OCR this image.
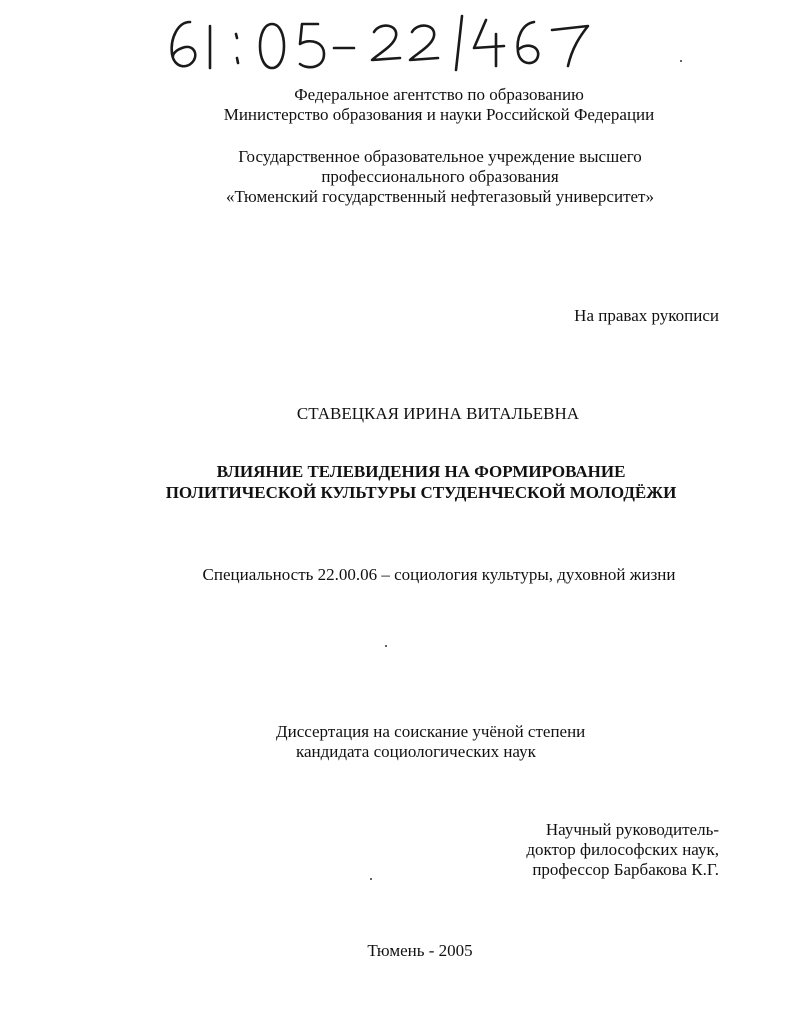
Федеральное агентство по образованию
Министерство образования и науки Российской Федерации
Государственное образовательное учреждение высшего
профессионального образования
«Тюменский государственный нефтегазовый университет»
На правах рукописи
СТАВЕЦКАЯ ИРИНА ВИТАЛЬЕВНА
ВЛИЯНИЕ ТЕЛЕВИДЕНИЯ НА ФОРМИРОВАНИЕ
ПОЛИТИЧЕСКОЙ КУЛЬТУРЫ СТУДЕНЧЕСКОЙ МОЛОДЁЖИ
Специальность 22.00.06 – социология культуры, духовной жизни
Диссертация на соискание учёной степени
кандидата социологических наук
Научный руководитель-
доктор философских наук,
профессор Барбакова К.Г.
Тюмень - 2005
